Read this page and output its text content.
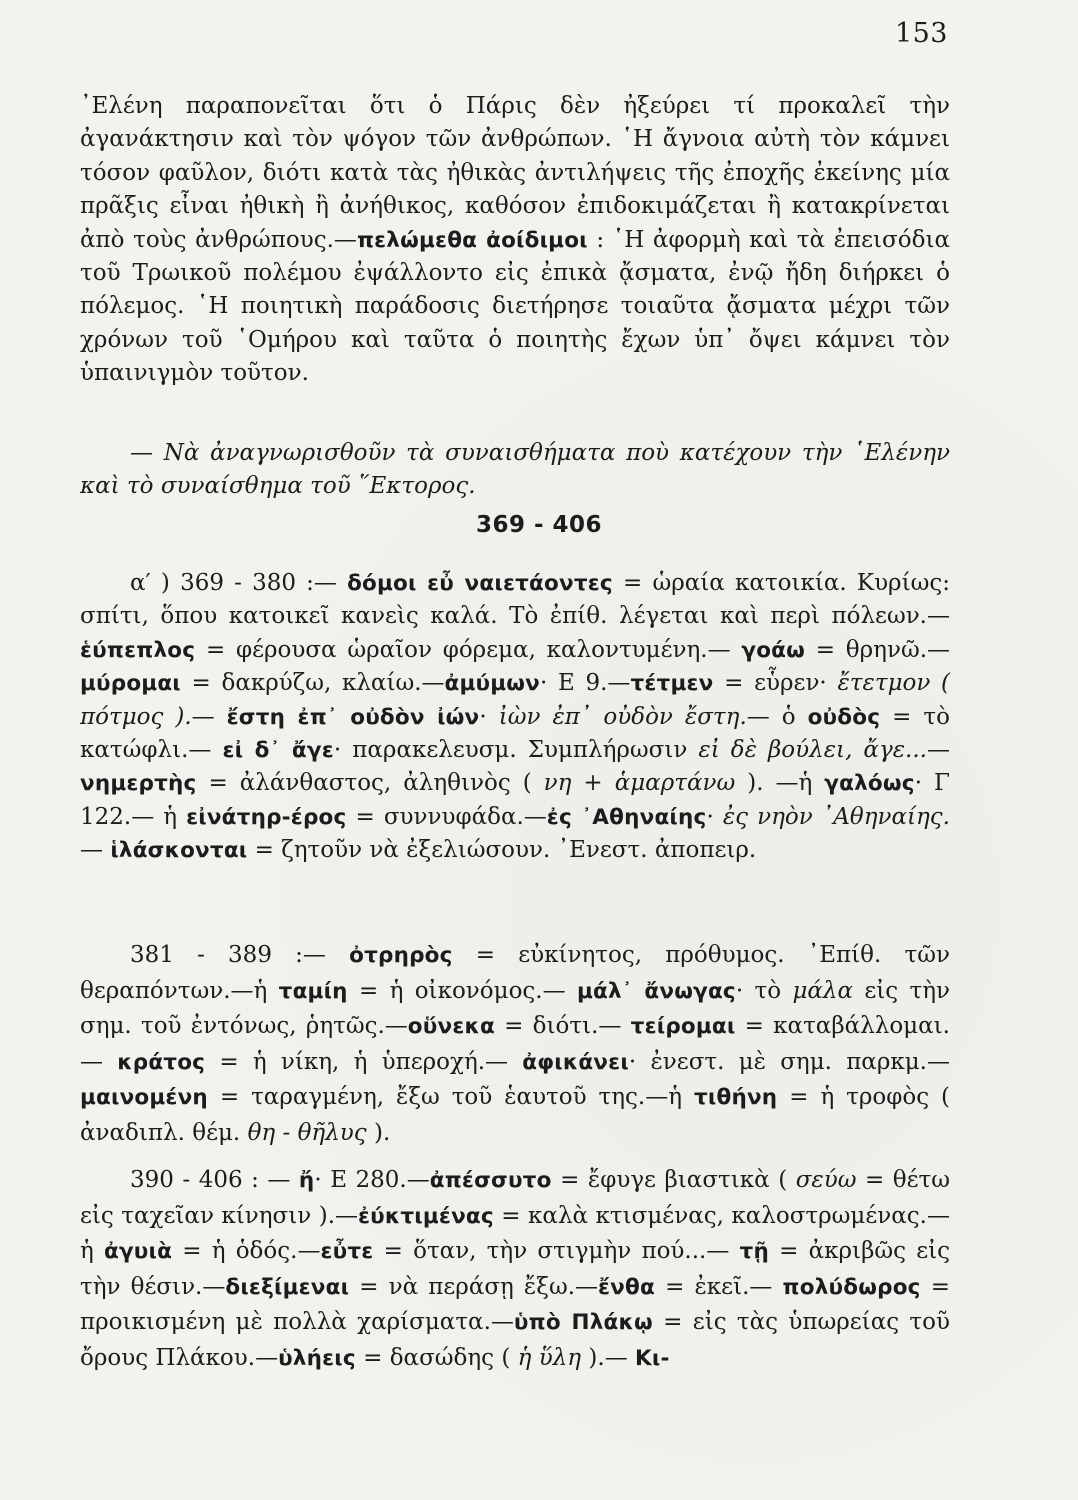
153

᾽Ελένη παραπονεῖται ὅτι ὁ Πάρις δὲν ἠξεύρει τί προκαλεῖ τὴν ἀγανάκτησιν καὶ τὸν ψόγον τῶν ἀνθρώπων. ῾Η ἄγνοια αὐτὴ τὸν κάμνει τόσον φαῦλον, διότι κατὰ τὰς ἠθικὰς ἀντιλήψεις τῆς ἐποχῆς ἐκείνης μία πρᾶξις εἶναι ἠθικὴ ἢ ἀνήθικος, καθόσον ἐπιδοκιμάζεται ἢ κατακρίνεται ἀπὸ τοὺς ἀνθρώπους.—πελώμεθα ἀοίδιμοι : ῾Η ἀφορμὴ καὶ τὰ ἐπεισόδια τοῦ Τρωικοῦ πολέμου ἐψάλλοντο εἰς ἐπικὰ ᾄσματα, ἐνῷ ἤδη διήρκει ὁ πόλεμος. ῾Η ποιητικὴ παράδοσις διετήρησε τοιαῦτα ᾄσματα μέχρι τῶν χρόνων τοῦ ῾Ομήρου καὶ ταῦτα ὁ ποιητὴς ἔχων ὑπ᾽ ὄψει κάμνει τὸν ὑπαινιγμὸν τοῦτον.

— Νὰ ἀναγνωρισθοῦν τὰ συναισθήματα ποὺ κατέχουν τὴν ῾Ελένην καὶ τὸ συναίσθημα τοῦ ῞Εκτορος.

369 - 406

α′ ) 369 - 380 :— δόμοι εὖ ναιετάοντες = ὡραία κατοικία. Κυρίως: σπίτι, ὅπου κατοικεῖ κανεὶς καλά. Τὸ ἐπίθ. λέγεται καὶ περὶ πόλεων.— ἑύπεπλος = φέρουσα ὡραῖον φόρεμα, καλοντυμένη.— γοάω = θρηνῶ.—μύρομαι = δακρύζω, κλαίω.—ἀμύμων· Ε 9.—τέτμεν = εὗρεν· ἔτετμον ( πότμος ).— ἔστη ἐπ᾽ οὐδὸν ἰών· ἰὼν ἐπ᾽ οὐδὸν ἔστη.— ὁ οὐδὸς = τὸ κατώφλι.— εἰ δ᾽ ἄγε· παρακελευσμ. Συμπλήρωσιν εἰ δὲ βούλει, ἄγε...— νημερτὴς = ἀλάνθαστος, ἀληθινὸς ( νη + ἁμαρτάνω ). —ἡ γαλόως· Γ 122.— ἡ εἰνάτηρ-έρος = συννυφάδα.—ἐς ᾽Αθηναίης· ἐς νηὸν ᾽Αθηναίης.— ἱλάσκονται = ζητοῦν νὰ ἐξελιώσουν. ᾽Ενεστ. ἀποπειρ.

381 - 389 :— ὀτρηρὸς = εὐκίνητος, πρόθυμος. ᾽Επίθ. τῶν θεραπόντων.—ἡ ταμίη = ἡ οἰκονόμος.— μάλ᾽ ἄνωγας· τὸ μάλα εἰς τὴν σημ. τοῦ ἐντόνως, ῥητῶς.—οὕνεκα = διότι.— τείρομαι = καταβάλλομαι.— κράτος = ἡ νίκη, ἡ ὑπεροχή.— ἀφικάνει· ἐνεστ. μὲ σημ. παρκμ.— μαινομένη = ταραγμένη, ἔξω τοῦ ἑαυτοῦ της.—ἡ τιθήνη = ἡ τροφὸς ( ἀναδιπλ. θέμ. θη - θῆλυς ).

390 - 406 : — ἤ· Ε 280.—ἀπέσσυτο = ἔφυγε βιαστικὰ ( σεύω = θέτω εἰς ταχεῖαν κίνησιν ).—ἐύκτιμένας = καλὰ κτισμένας, καλοστρωμένας.—ἡ ἀγυιὰ = ἡ ὁδός.—εὖτε = ὅταν, τὴν στιγμὴν πού...— τῇ = ἀκριβῶς εἰς τὴν θέσιν.—διεξίμεναι = νὰ περάσῃ ἔξω.—ἔνθα = ἐκεῖ.— πολύδωρος = προικισμένη μὲ πολλὰ χαρίσματα.—ὑπὸ Πλάκῳ = εἰς τὰς ὑπωρείας τοῦ ὄρους Πλάκου.—ὑλήεις = δασώδης ( ἡ ὕλη ).— Κι-
